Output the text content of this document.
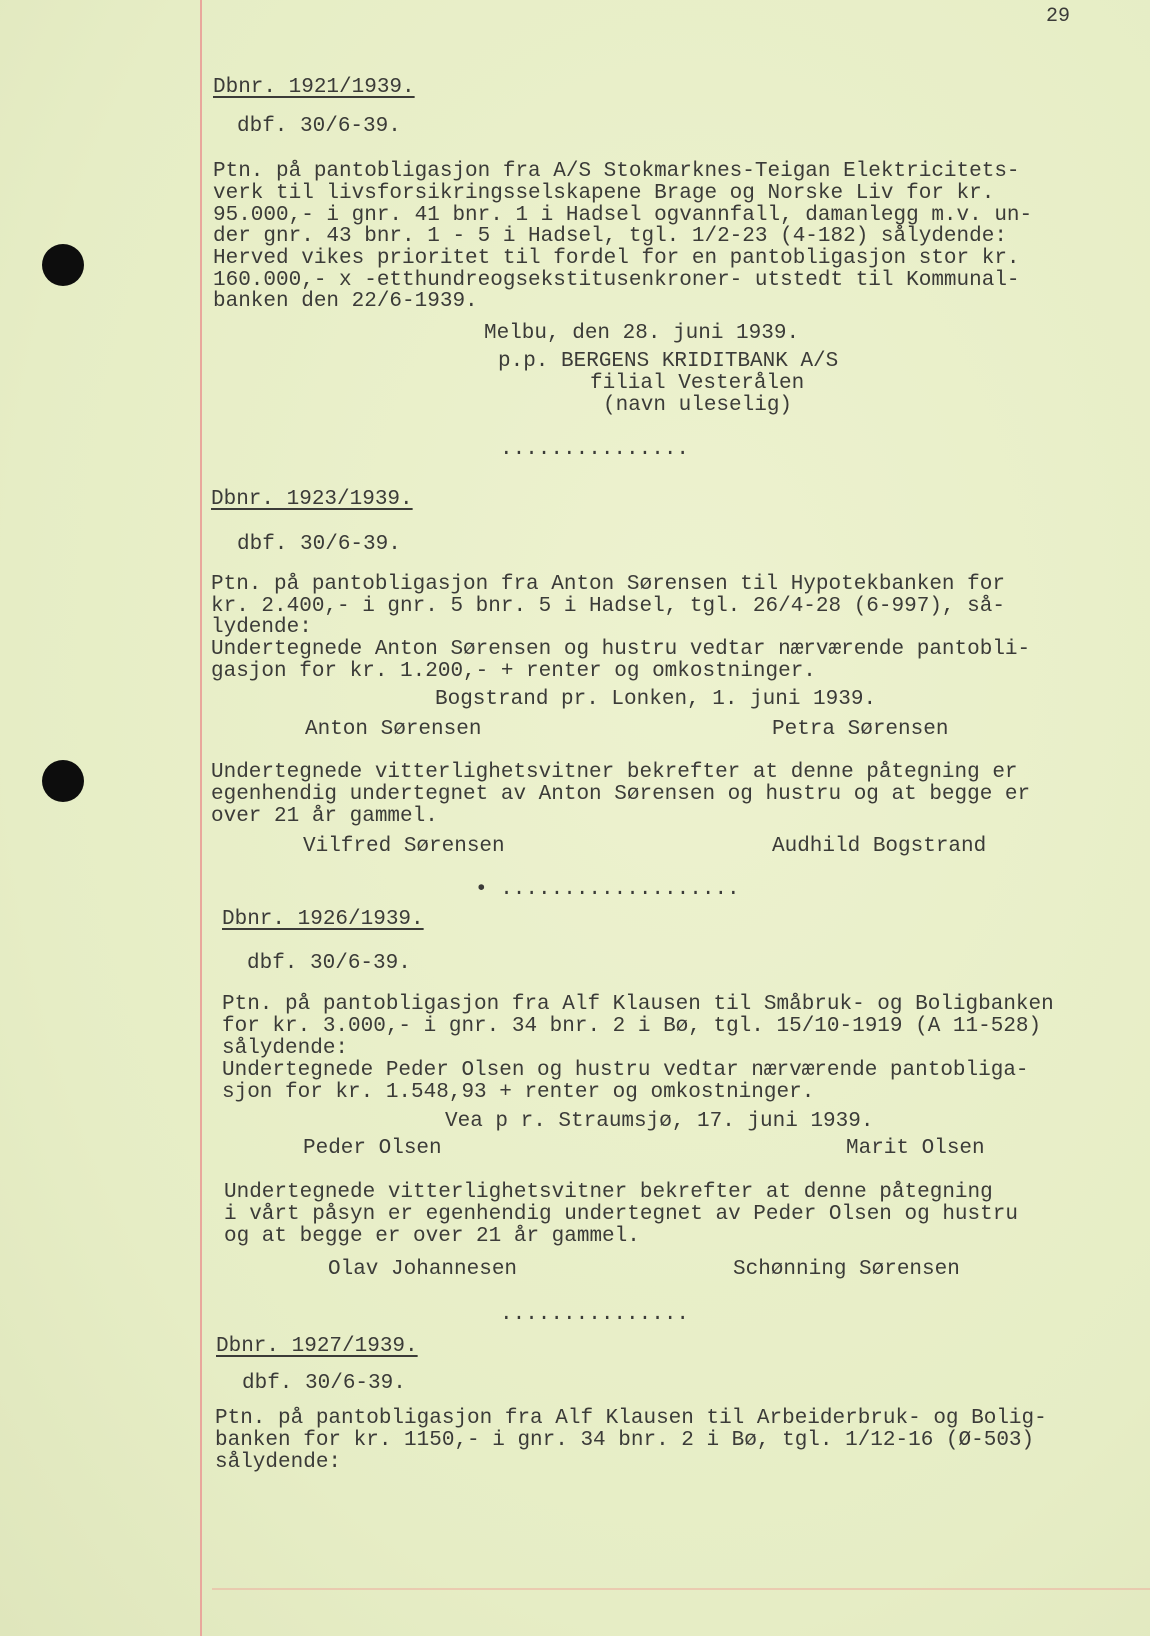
29
Dbnr. 1921/1939.
dbf. 30/6-39.
Ptn. på pantobligasjon fra A/S Stokmarknes-Teigan Elektricitets-
verk til livsforsikringsselskapene Brage og Norske Liv for kr.
95.000,- i gnr. 41 bnr. 1 i Hadsel ogvannfall, damanlegg m.v. un-
der gnr. 43 bnr. 1 - 5 i Hadsel, tgl. 1/2-23 (4-182) sålydende:
Herved vikes prioritet til fordel for en pantobligasjon stor kr.
160.000,- x -etthundreogsekstitusenkroner- utstedt til Kommunal-
banken den 22/6-1939.
Melbu, den 28. juni 1939.
p.p. BERGENS KRIDITBANK A/S
filial Vesterålen
(navn uleselig)
...............
Dbnr. 1923/1939.
dbf. 30/6-39.
Ptn. på pantobligasjon fra Anton Sørensen til Hypotekbanken for
kr. 2.400,- i gnr. 5 bnr. 5 i Hadsel, tgl. 26/4-28 (6-997), så-
lydende:
Undertegnede Anton Sørensen og hustru vedtar nærværende pantobli-
gasjon for kr. 1.200,- + renter og omkostninger.
Bogstrand pr. Lonken, 1. juni 1939.
Anton Sørensen	Petra Sørensen
Undertegnede vitterlighetsvitner bekrefter at denne påtegning er
egenhendig undertegnet av Anton Sørensen og hustru og at begge er
over 21 år gammel.
Vilfred Sørensen	Audhild Bogstrand
• ...................
Dbnr. 1926/1939.
dbf. 30/6-39.
Ptn. på pantobligasjon fra Alf Klausen til Småbruk- og Boligbanken
for kr. 3.000,- i gnr. 34 bnr. 2 i Bø, tgl. 15/10-1919 (A 11-528)
sålydende:
Undertegnede Peder Olsen og hustru vedtar nærværende pantobliga-
sjon for kr. 1.548,93 + renter og omkostninger.
Vea p r. Straumsjø, 17. juni 1939.
Peder Olsen	Marit Olsen
Undertegnede vitterlighetsvitner bekrefter at denne påtegning
i vårt påsyn er egenhendig undertegnet av Peder Olsen og hustru
og at begge er over 21 år gammel.
Olav Johannesen	Schønning Sørensen
...............
Dbnr. 1927/1939.
dbf. 30/6-39.
Ptn. på pantobligasjon fra Alf Klausen til Arbeiderbruk- og Bolig-
banken for kr. 1150,- i gnr. 34 bnr. 2 i Bø, tgl. 1/12-16 (Ø-503)
sålydende:
